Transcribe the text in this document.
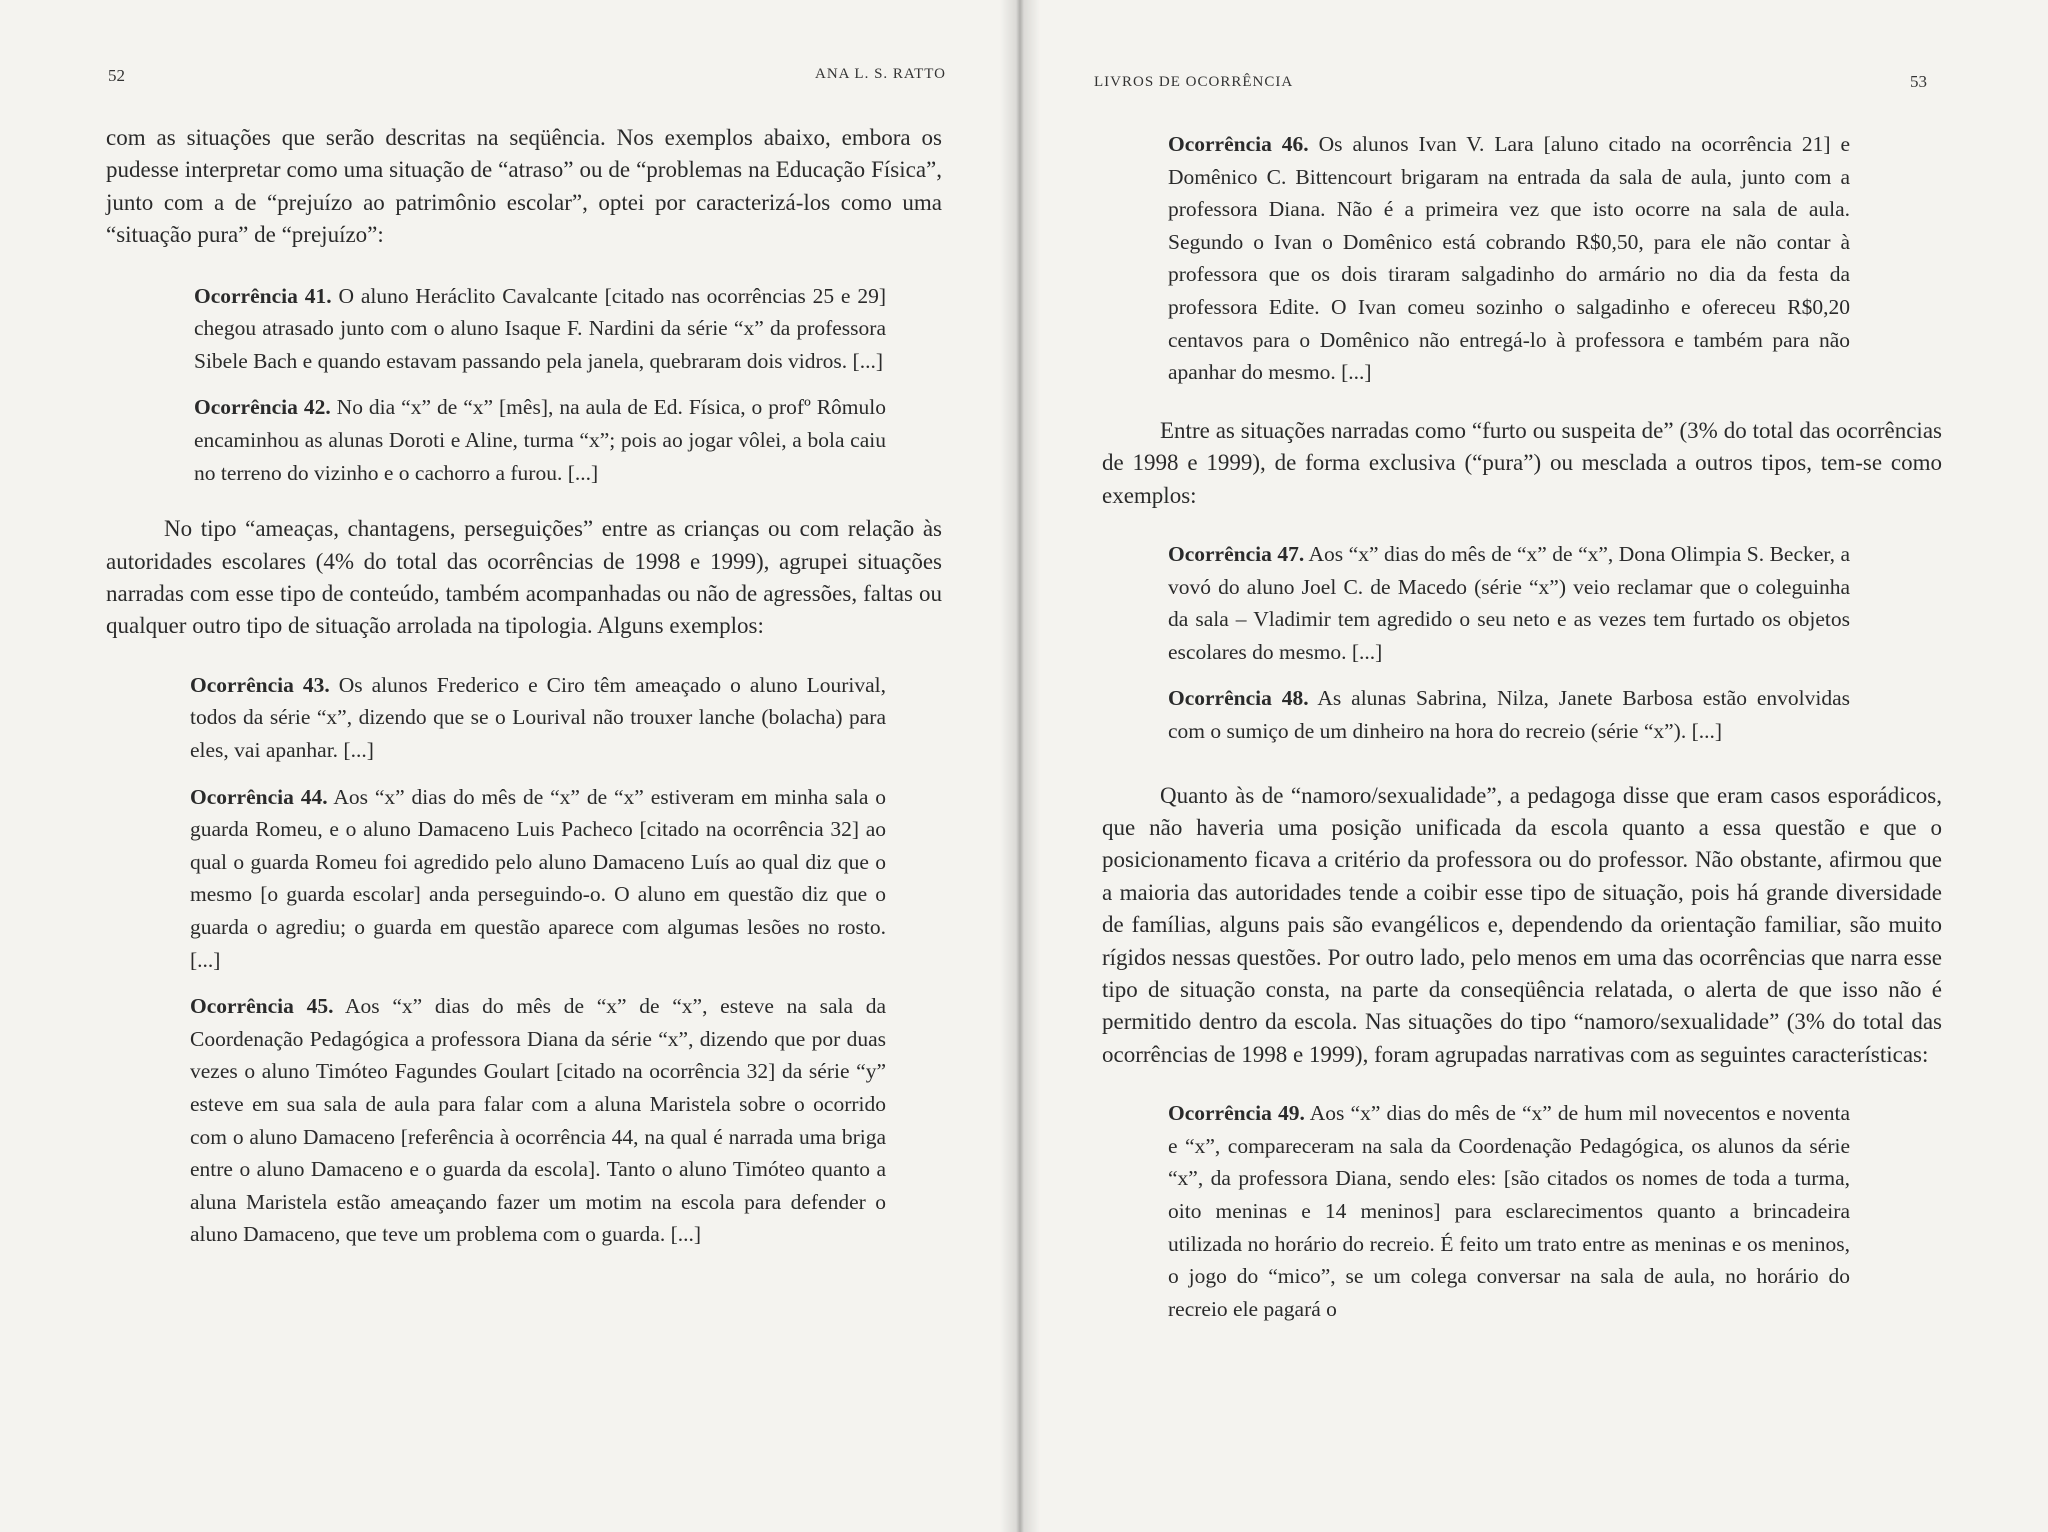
52	ANA L. S. RATTO

com as situações que serão descritas na seqüência. Nos exemplos abaixo, embora os pudesse interpretar como uma situação de “atraso” ou de “problemas na Educação Física”, junto com a de “prejuízo ao patrimônio escolar”, optei por caracterizá-los como uma “situação pura” de “prejuízo”:

Ocorrência 41. O aluno Heráclito Cavalcante [citado nas ocorrências 25 e 29] chegou atrasado junto com o aluno Isaque F. Nardini da série “x” da professora Sibele Bach e quando estavam passando pela janela, quebraram dois vidros. [...]

Ocorrência 42. No dia “x” de “x” [mês], na aula de Ed. Física, o profº Rômulo encaminhou as alunas Doroti e Aline, turma “x”; pois ao jogar vôlei, a bola caiu no terreno do vizinho e o cachorro a furou. [...]

No tipo “ameaças, chantagens, perseguições” entre as crianças ou com relação às autoridades escolares (4% do total das ocorrências de 1998 e 1999), agrupei situações narradas com esse tipo de conteúdo, também acompanhadas ou não de agressões, faltas ou qualquer outro tipo de situação arrolada na tipologia. Alguns exemplos:

Ocorrência 43. Os alunos Frederico e Ciro têm ameaçado o aluno Lourival, todos da série “x”, dizendo que se o Lourival não trouxer lanche (bolacha) para eles, vai apanhar. [...]

Ocorrência 44. Aos “x” dias do mês de “x” de “x” estiveram em minha sala o guarda Romeu, e o aluno Damaceno Luis Pacheco [citado na ocorrência 32] ao qual o guarda Romeu foi agredido pelo aluno Damaceno Luís ao qual diz que o mesmo [o guarda escolar] anda perseguindo-o. O aluno em questão diz que o guarda o agrediu; o guarda em questão aparece com algumas lesões no rosto. [...]

Ocorrência 45. Aos “x” dias do mês de “x” de “x”, esteve na sala da Coordenação Pedagógica a professora Diana da série “x”, dizendo que por duas vezes o aluno Timóteo Fagundes Goulart [citado na ocorrência 32] da série “y” esteve em sua sala de aula para falar com a aluna Maristela sobre o ocorrido com o aluno Damaceno [referência à ocorrência 44, na qual é narrada uma briga entre o aluno Damaceno e o guarda da escola]. Tanto o aluno Timóteo quanto a aluna Maristela estão ameaçando fazer um motim na escola para defender o aluno Damaceno, que teve um problema com o guarda. [...]

LIVROS DE OCORRÊNCIA	53

Ocorrência 46. Os alunos Ivan V. Lara [aluno citado na ocorrência 21] e Domênico C. Bittencourt brigaram na entrada da sala de aula, junto com a professora Diana. Não é a primeira vez que isto ocorre na sala de aula. Segundo o Ivan o Domênico está cobrando R$0,50, para ele não contar à professora que os dois tiraram salgadinho do armário no dia da festa da professora Edite. O Ivan comeu sozinho o salgadinho e ofereceu R$0,20 centavos para o Domênico não entregá-lo à professora e também para não apanhar do mesmo. [...]

Entre as situações narradas como “furto ou suspeita de” (3% do total das ocorrências de 1998 e 1999), de forma exclusiva (“pura”) ou mesclada a outros tipos, tem-se como exemplos:

Ocorrência 47. Aos “x” dias do mês de “x” de “x”, Dona Olimpia S. Becker, a vovó do aluno Joel C. de Macedo (série “x”) veio reclamar que o coleguinha da sala – Vladimir tem agredido o seu neto e as vezes tem furtado os objetos escolares do mesmo. [...]

Ocorrência 48. As alunas Sabrina, Nilza, Janete Barbosa estão envolvidas com o sumiço de um dinheiro na hora do recreio (série “x”). [...]

Quanto às de “namoro/sexualidade”, a pedagoga disse que eram casos esporádicos, que não haveria uma posição unificada da escola quanto a essa questão e que o posicionamento ficava a critério da professora ou do professor. Não obstante, afirmou que a maioria das autoridades tende a coibir esse tipo de situação, pois há grande diversidade de famílias, alguns pais são evangélicos e, dependendo da orientação familiar, são muito rígidos nessas questões. Por outro lado, pelo menos em uma das ocorrências que narra esse tipo de situação consta, na parte da conseqüência relatada, o alerta de que isso não é permitido dentro da escola. Nas situações do tipo “namoro/sexualidade” (3% do total das ocorrências de 1998 e 1999), foram agrupadas narrativas com as seguintes características:

Ocorrência 49. Aos “x” dias do mês de “x” de hum mil novecentos e noventa e “x”, compareceram na sala da Coordenação Pedagógica, os alunos da série “x”, da professora Diana, sendo eles: [são citados os nomes de toda a turma, oito meninas e 14 meninos] para esclarecimentos quanto a brincadeira utilizada no horário do recreio. É feito um trato entre as meninas e os meninos, o jogo do “mico”, se um colega conversar na sala de aula, no horário do recreio ele pagará o
